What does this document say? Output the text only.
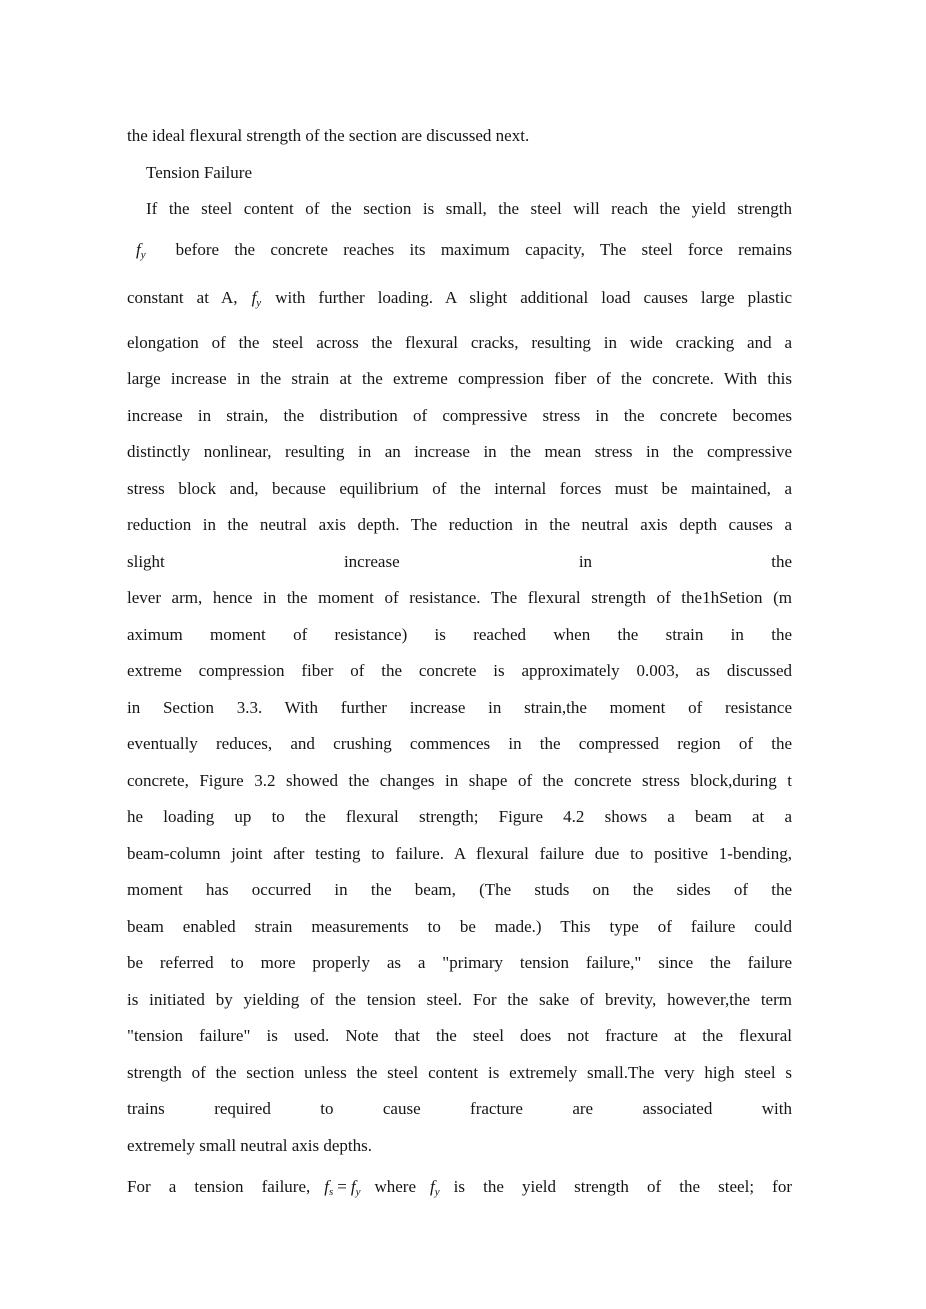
the ideal flexural strength of the section are discussed next.
Tension Failure
If the steel content of the section is small, the steel will reach the yield strength
$f_y$ before the concrete reaches its maximum capacity, The steel force remains
constant at A, $f_y$ with further loading. A slight additional load causes large plastic
elongation of the steel across the flexural cracks, resulting in wide cracking and a
large increase in the strain at the extreme compression fiber of the concrete. With this
increase in strain, the distribution of compressive stress in the concrete becomes
distinctly nonlinear, resulting in an increase in the mean stress in the compressive
stress block and, because equilibrium of the internal forces must be maintained, a
reduction in the neutral axis depth. The reduction in the neutral axis depth causes a
slight increase in the
lever arm, hence in the moment of resistance. The flexural strength of the1hSetion (m
aximum moment of resistance) is reached when the strain in the
extreme compression fiber of the concrete is approximately 0.003, as discussed
in Section 3.3. With further increase in strain,the moment of resistance
eventually reduces, and crushing commences in the compressed region of the
concrete, Figure 3.2 showed the changes in shape of the concrete stress block,during t
he loading up to the flexural strength; Figure 4.2 shows a beam at a
beam-column joint after testing to failure. A flexural failure due to positive 1-bending,
moment has occurred in the beam, (The studs on the sides of the
beam enabled strain measurements to be made.) This type of failure could
be referred to more properly as a "primary tension failure," since the failure
is initiated by yielding of the tension steel. For the sake of brevity, however,the term
"tension failure" is used. Note that the steel does not fracture at the flexural
strength of the section unless the steel content is extremely small.The very high steel s
trains required to cause fracture are associated with
extremely small neutral axis depths.
For a tension failure, $f_s = f_y$ where $f_y$ is the yield strength of the steel; for
